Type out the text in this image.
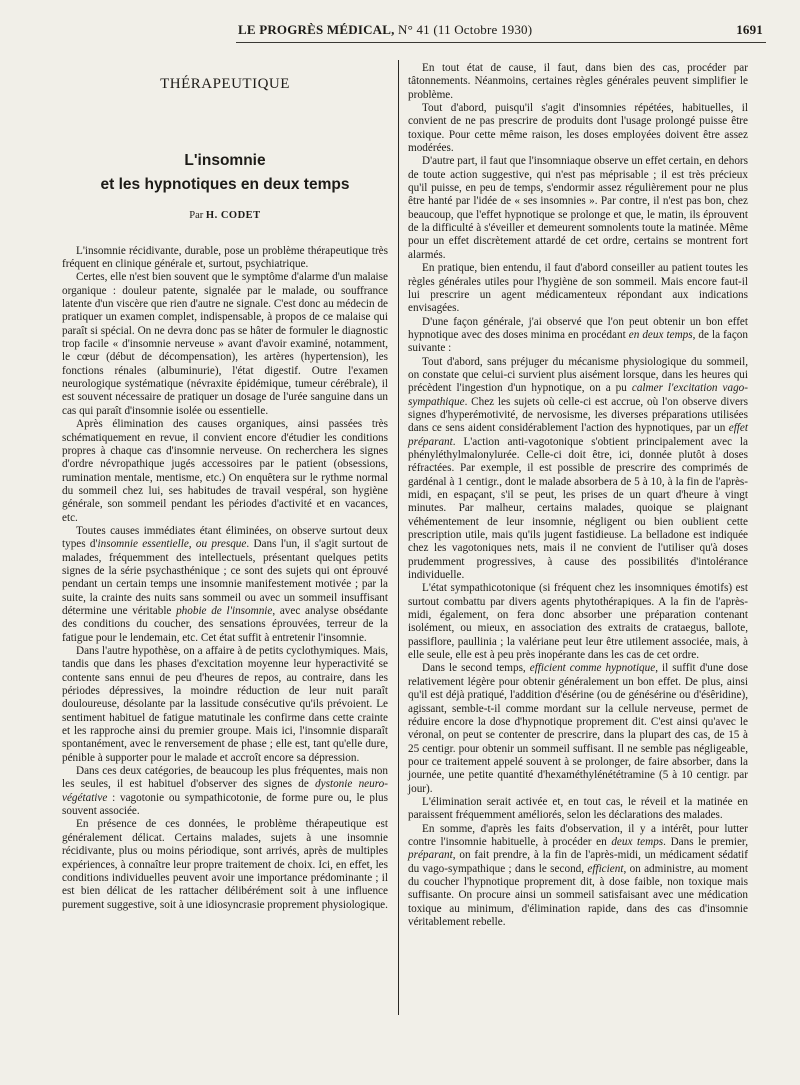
LE PROGRÈS MÉDICAL, N° 41 (11 Octobre 1930)	1691
THÉRAPEUTIQUE
L'insomnie
et les hypnotiques en deux temps
Par H. CODET

L'insomnie récidivante, durable, pose un problème thérapeutique très fréquent en clinique générale et, surtout, psychiatrique.

Certes, elle n'est bien souvent que le symptôme d'alarme d'un malaise organique : douleur patente, signalée par le malade, ou souffrance latente d'un viscère que rien d'autre ne signale. C'est donc au médecin de pratiquer un examen complet, indispensable, à propos de ce malaise qui paraît si spécial. On ne devra donc pas se hâter de formuler le diagnostic trop facile « d'insomnie nerveuse » avant d'avoir examiné, notamment, le cœur (début de décompensation), les artères (hypertension), les fonctions rénales (albuminurie), l'état digestif. Outre l'examen neurologique systématique (névraxite épidémique, tumeur cérébrale), il est souvent nécessaire de pratiquer un dosage de l'urée sanguine dans un cas qui paraît d'insomnie isolée ou essentielle.

Après élimination des causes organiques, ainsi passées très schématiquement en revue, il convient encore d'étudier les conditions propres à chaque cas d'insomnie nerveuse. On recherchera les signes d'ordre névropathique jugés accessoires par le patient (obsessions, rumination mentale, mentisme, etc.) On enquêtera sur le rythme normal du sommeil chez lui, ses habitudes de travail vespéral, son hygiène générale, son sommeil pendant les périodes d'activité et en vacances, etc.

Toutes causes immédiates étant éliminées, on observe surtout deux types d'insomnie essentielle, ou presque. Dans l'un, il s'agit surtout de malades, fréquemment des intellectuels, présentant quelques petits signes de la série psychasthénique ; ce sont des sujets qui ont éprouvé pendant un certain temps une insomnie manifestement motivée ; par la suite, la crainte des nuits sans sommeil ou avec un sommeil insuffisant détermine une véritable phobie de l'insomnie, avec analyse obsédante des conditions du coucher, des sensations éprouvées, terreur de la fatigue pour le lendemain, etc. Cet état suffit à entretenir l'insomnie.

Dans l'autre hypothèse, on a affaire à de petits cyclothymiques. Mais, tandis que dans les phases d'excitation moyenne leur hyperactivité se contente sans ennui de peu d'heures de repos, au contraire, dans les périodes dépressives, la moindre réduction de leur nuit paraît douloureuse, désolante par la lassitude consécutive qu'ils prévoient. Le sentiment habituel de fatigue matutinale les confirme dans cette crainte et les rapproche ainsi du premier groupe. Mais ici, l'insomnie disparaît spontanément, avec le renversement de phase ; elle est, tant qu'elle dure, pénible à supporter pour le malade et accroît encore sa dépression.

Dans ces deux catégories, de beaucoup les plus fréquentes, mais non les seules, il est habituel d'observer des signes de dystonie neuro-végétative : vagotonie ou sympathicotonie, de forme pure ou, le plus souvent associée.

En présence de ces données, le problème thérapeutique est généralement délicat. Certains malades, sujets à une insomnie récidivante, plus ou moins périodique, sont arrivés, après de multiples expériences, à connaître leur propre traitement de choix. Ici, en effet, les conditions individuelles peuvent avoir une importance prédominante ; il est bien délicat de les rattacher délibérément soit à une influence purement suggestive, soit à une idiosyncrasie proprement physiologique.

En tout état de cause, il faut, dans bien des cas, procéder par tâtonnements. Néanmoins, certaines règles générales peuvent simplifier le problème.

Tout d'abord, puisqu'il s'agit d'insomnies répétées, habituelles, il convient de ne pas prescrire de produits dont l'usage prolongé puisse être toxique. Pour cette même raison, les doses employées doivent être assez modérées.

D'autre part, il faut que l'insomniaque observe un effet certain, en dehors de toute action suggestive, qui n'est pas méprisable ; il est très précieux qu'il puisse, en peu de temps, s'endormir assez régulièrement pour ne plus être hanté par l'idée de « ses insomnies ». Par contre, il n'est pas bon, chez beaucoup, que l'effet hypnotique se prolonge et que, le matin, ils éprouvent de la difficulté à s'éveiller et demeurent somnolents toute la matinée. Même pour un effet discrètement attardé de cet ordre, certains se montrent fort alarmés.

En pratique, bien entendu, il faut d'abord conseiller au patient toutes les règles générales utiles pour l'hygiène de son sommeil. Mais encore faut-il lui prescrire un agent médicamenteux répondant aux indications envisagées.

D'une façon générale, j'ai observé que l'on peut obtenir un bon effet hypnotique avec des doses minima en procédant en deux temps, de la façon suivante :

Tout d'abord, sans préjuger du mécanisme physiologique du sommeil, on constate que celui-ci survient plus aisément lorsque, dans les heures qui précèdent l'ingestion d'un hypnotique, on a pu calmer l'excitation vago-sympathique. Chez les sujets où celle-ci est accrue, où l'on observe divers signes d'hyperémotivité, de nervosisme, les diverses préparations utilisées dans ce sens aident considérablement l'action des hypnotiques, par un effet préparant. L'action anti-vagotonique s'obtient principalement avec la phényléthylmalonylurée. Celle-ci doit être, ici, donnée plutôt à doses réfractées. Par exemple, il est possible de prescrire des comprimés de gardénal à 1 centigr., dont le malade absorbera de 5 à 10, à la fin de l'après-midi, en espaçant, s'il se peut, les prises de un quart d'heure à vingt minutes. Par malheur, certains malades, quoique se plaignant véhémentement de leur insomnie, négligent ou bien oublient cette prescription utile, mais qu'ils jugent fastidieuse. La belladone est indiquée chez les vagotoniques nets, mais il ne convient de l'utiliser qu'à doses prudemment progressives, à cause des possibilités d'intolérance individuelle.

L'état sympathicotonique (si fréquent chez les insomniques émotifs) est surtout combattu par divers agents phytothérapiques. A la fin de l'après-midi, également, on fera donc absorber une préparation contenant isolément, ou mieux, en association des extraits de crataegus, ballote, passiflore, paullinia ; la valériane peut leur être utilement associée, mais, à elle seule, elle est à peu près inopérante dans les cas de cet ordre.

Dans le second temps, efficient comme hypnotique, il suffit d'une dose relativement légère pour obtenir généralement un bon effet. De plus, ainsi qu'il est déjà pratiqué, l'addition d'ésérine (ou de génésérine ou d'ésêridine), agissant, semble-t-il comme mordant sur la cellule nerveuse, permet de réduire encore la dose d'hypnotique proprement dit. C'est ainsi qu'avec le véronal, on peut se contenter de prescrire, dans la plupart des cas, de 15 à 25 centigr. pour obtenir un sommeil suffisant. Il ne semble pas négligeable, pour ce traitement appelé souvent à se prolonger, de faire absorber, dans la journée, une petite quantité d'hexaméthylénététramine (5 à 10 centigr. par jour).

L'élimination serait activée et, en tout cas, le réveil et la matinée en paraissent fréquemment améliorés, selon les déclarations des malades.

En somme, d'après les faits d'observation, il y a intérêt, pour lutter contre l'insomnie habituelle, à procéder en deux temps. Dans le premier, préparant, on fait prendre, à la fin de l'après-midi, un médicament sédatif du vago-sympathique ; dans le second, efficient, on administre, au moment du coucher l'hypnotique proprement dit, à dose faible, non toxique mais suffisante. On procure ainsi un sommeil satisfaisant avec une médication toxique au minimum, d'élimination rapide, dans des cas d'insomnie véritablement rebelle.
